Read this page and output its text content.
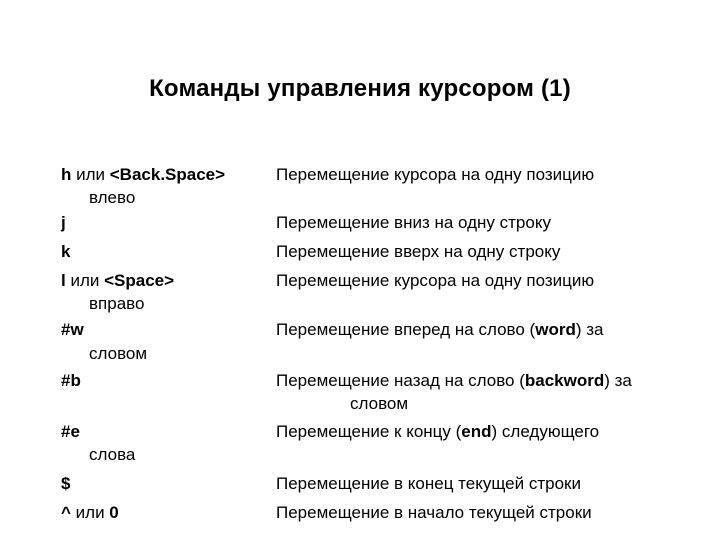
Команды управления курсором (1)
h или <Back.Space>	Перемещение курсора на одну позицию
влево
j	Перемещение вниз на одну строку
k	Перемещение вверх на одну строку
l или <Space>	Перемещение курсора на одну позицию
вправо
#w	Перемещение вперед на слово (word) за
словом
#b	Перемещение назад на слово (backword) за
словом
#e	Перемещение к концу (end) следующего
слова
$	Перемещение в конец текущей строки
^ или 0	Перемещение в начало текущей строки
